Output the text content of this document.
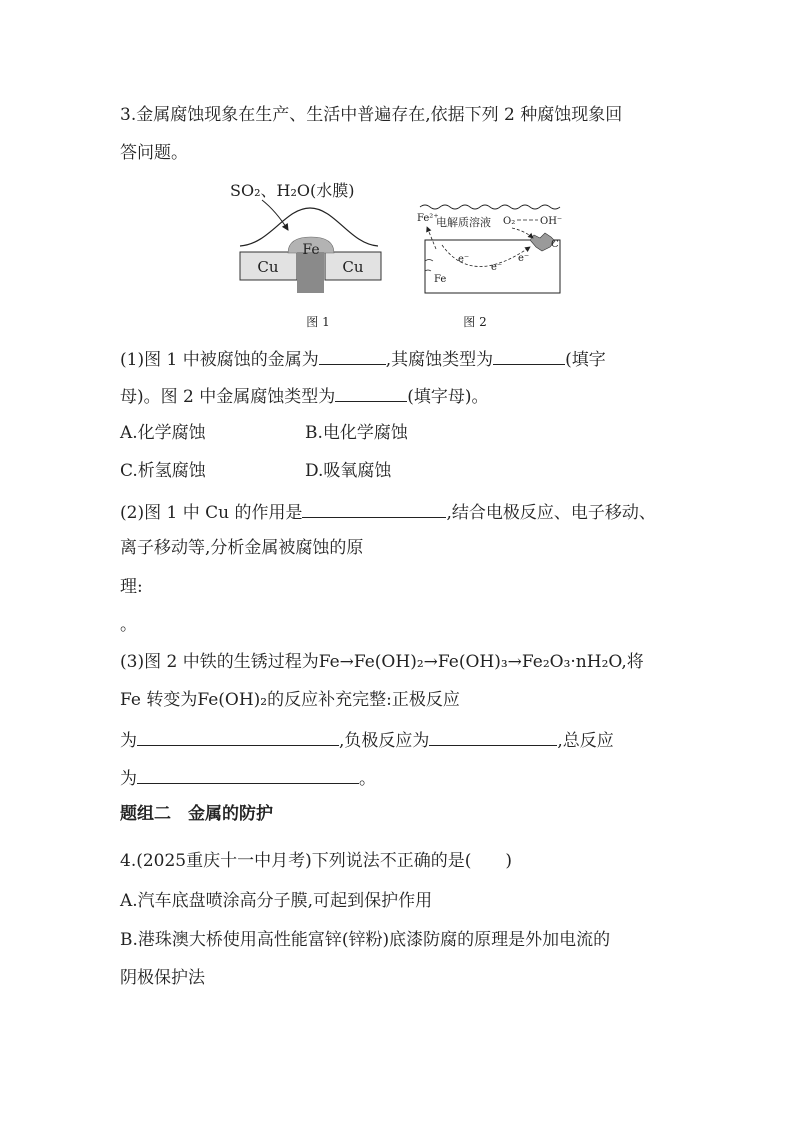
3.金属腐蚀现象在生产、生活中普遍存在,依据下列 2 种腐蚀现象回
答问题。
SO₂、H₂O(水膜)
Fe
Cu	Cu
图 1
Fe²⁺
电解质溶液 O₂ OH⁻
C
e⁻
e⁻
e⁻
Fe
图 2
(1)图 1 中被腐蚀的金属为	,其腐蚀类型为	(填字
母)。图 2 中金属腐蚀类型为	(填字母)。
A.化学腐蚀	B.电化学腐蚀
C.析氢腐蚀	D.吸氧腐蚀
(2)图 1 中 Cu 的作用是	,结合电极反应、电子移动、
离子移动等,分析金属被腐蚀的原
理:
。
(3)图 2 中铁的生锈过程为Fe→Fe(OH)₂→Fe(OH)₃→Fe₂O₃·nH₂O,将
Fe 转变为Fe(OH)₂的反应补充完整:正极反应
为	,负极反应为	,总反应
为	。
题组二　金属的防护
4.(2025重庆十一中月考)下列说法不正确的是(　　)
A.汽车底盘喷涂高分子膜,可起到保护作用
B.港珠澳大桥使用高性能富锌(锌粉)底漆防腐的原理是外加电流的
阴极保护法
